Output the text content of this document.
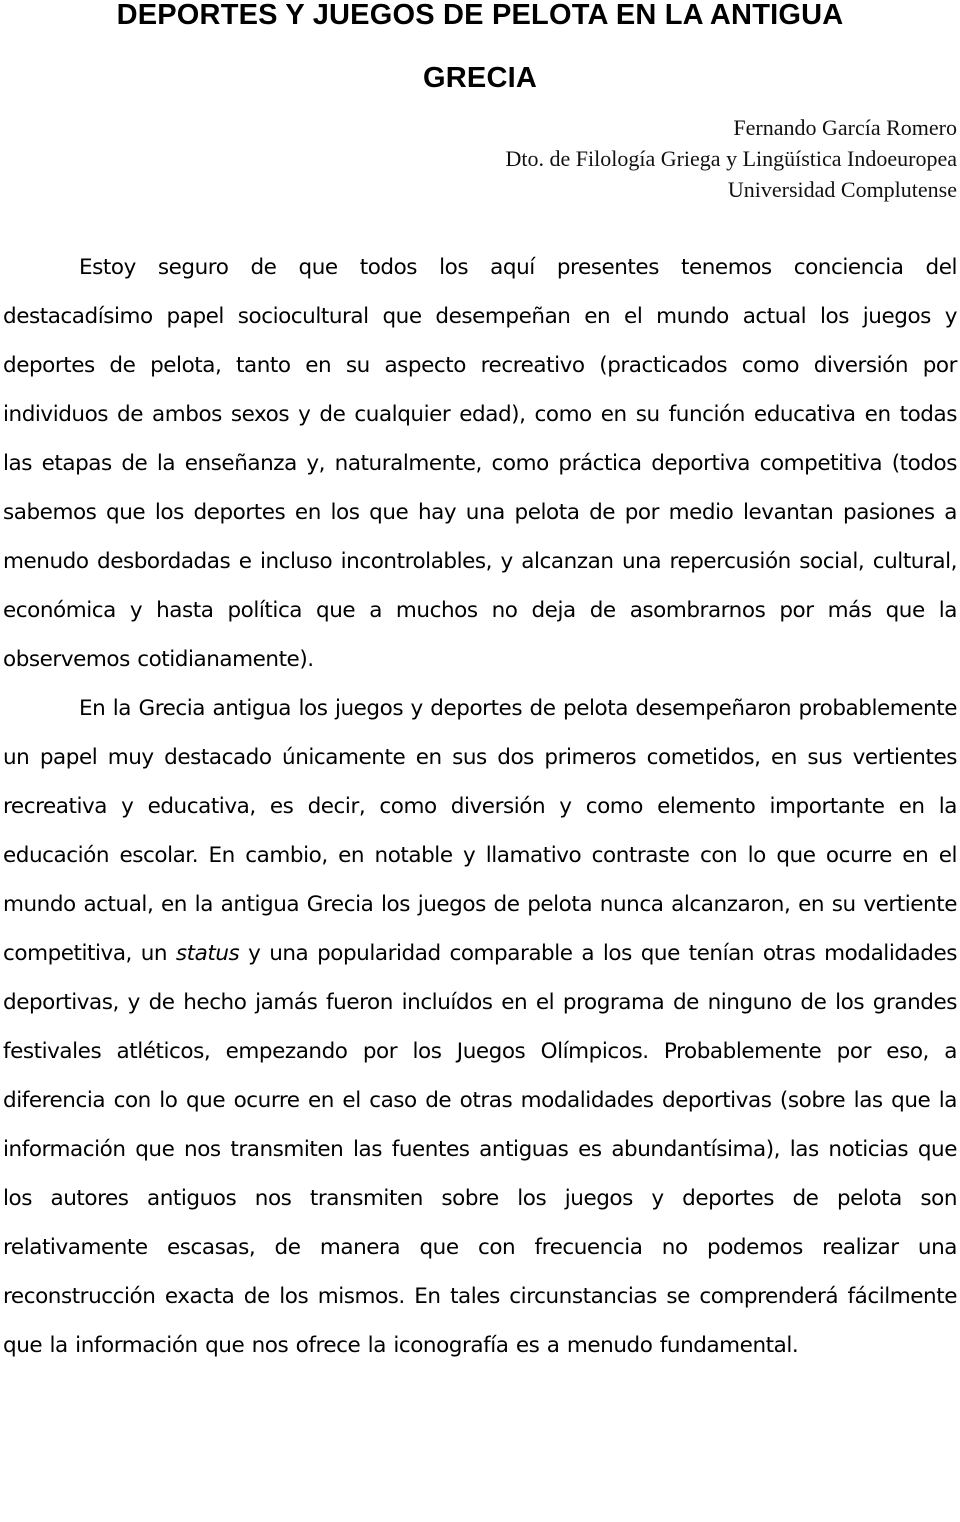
DEPORTES Y JUEGOS DE PELOTA EN LA ANTIGUA
GRECIA
Fernando García Romero
Dto. de Filología Griega y Lingüística Indoeuropea
Universidad Complutense

Estoy seguro de que todos los aquí presentes tenemos conciencia del destacadísimo papel sociocultural que desempeñan en el mundo actual los juegos y deportes de pelota, tanto en su aspecto recreativo (practicados como diversión por individuos de ambos sexos y de cualquier edad), como en su función educativa en todas las etapas de la enseñanza y, naturalmente, como práctica deportiva competitiva (todos sabemos que los deportes en los que hay una pelota de por medio levantan pasiones a menudo desbordadas e incluso incontrolables, y alcanzan una repercusión social, cultural, económica y hasta política que a muchos no deja de asombrarnos por más que la observemos cotidianamente).

En la Grecia antigua los juegos y deportes de pelota desempeñaron probablemente un papel muy destacado únicamente en sus dos primeros cometidos, en sus vertientes recreativa y educativa, es decir, como diversión y como elemento importante en la educación escolar. En cambio, en notable y llamativo contraste con lo que ocurre en el mundo actual, en la antigua Grecia los juegos de pelota nunca alcanzaron, en su vertiente competitiva, un status y una popularidad comparable a los que tenían otras modalidades deportivas, y de hecho jamás fueron incluídos en el programa de ninguno de los grandes festivales atléticos, empezando por los Juegos Olímpicos. Probablemente por eso, a diferencia con lo que ocurre en el caso de otras modalidades deportivas (sobre las que la información que nos transmiten las fuentes antiguas es abundantísima), las noticias que los autores antiguos nos transmiten sobre los juegos y deportes de pelota son relativamente escasas, de manera que con frecuencia no podemos realizar una reconstrucción exacta de los mismos. En tales circunstancias se comprenderá fácilmente que la información que nos ofrece la iconografía es a menudo fundamental.
